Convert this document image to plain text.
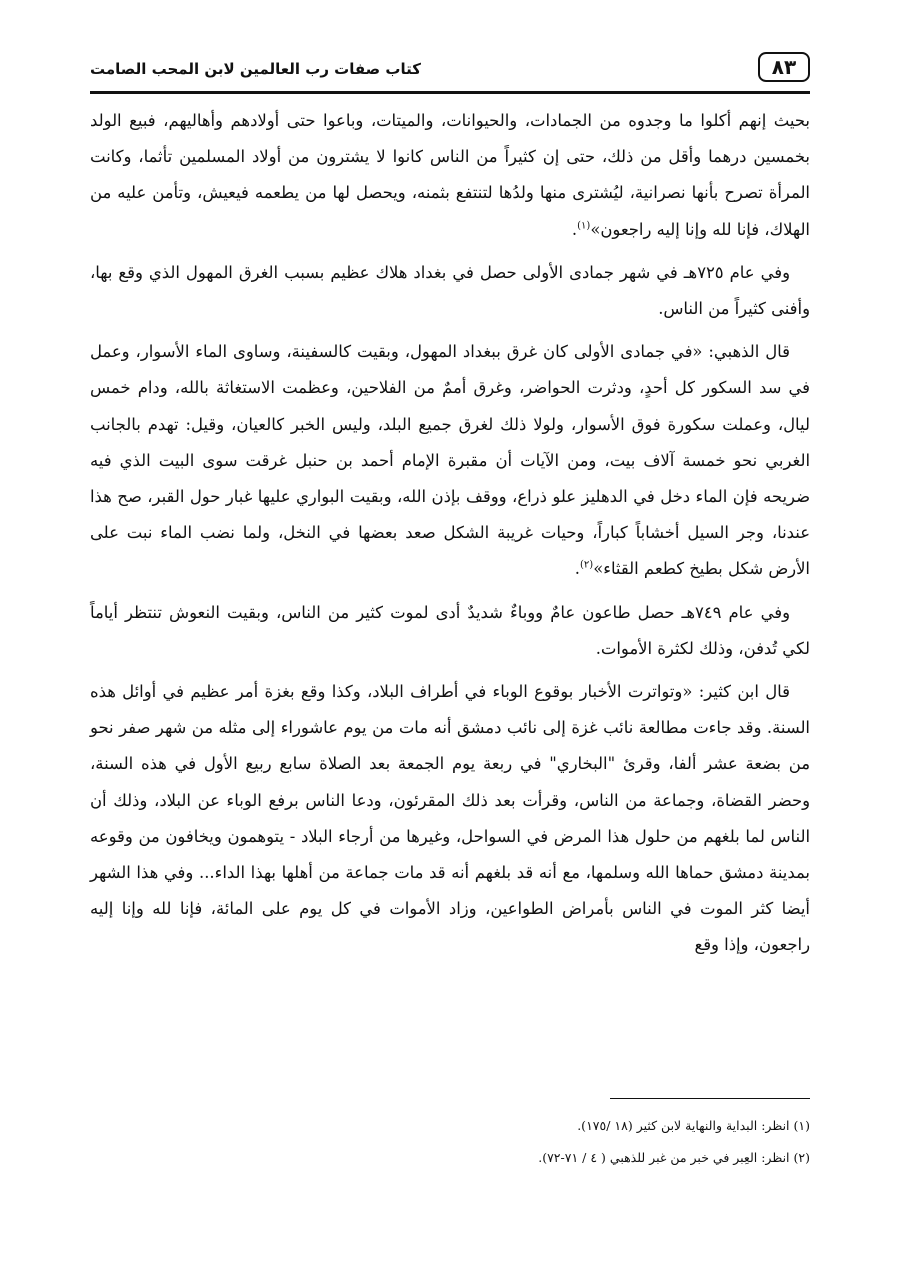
٨٣
كتاب صفات رب العالمين لابن المحب الصامت

بحيث إنهم أكلوا ما وجدوه من الجمادات، والحيوانات، والميتات، وباعوا حتى أولادهم وأهاليهم، فبيع الولد بخمسين درهما وأقل من ذلك، حتى إن كثيراً من الناس كانوا لا يشترون من أولاد المسلمين تأثما، وكانت المرأة تصرح بأنها نصرانية، ليُشترى منها ولدُها لتنتفع بثمنه، ويحصل لها من يطعمه فيعيش، وتأمن عليه من الهلاك، فإنا لله وإنا إليه راجعون»$^{(١)}$.

وفي عام ٧٢٥هـ في شهر جمادى الأولى حصل في بغداد هلاك عظيم بسبب الغرق المهول الذي وقع بها، وأفنى كثيراً من الناس.

قال الذهبي: «في جمادى الأولى كان غرق ببغداد المهول، وبقيت كالسفينة، وساوى الماء الأسوار، وعمل في سد السكور كل أحدٍ، ودثرت الحواضر، وغرق أممٌ من الفلاحين، وعظمت الاستغاثة بالله، ودام خمس ليال، وعملت سكورة فوق الأسوار، ولولا ذلك لغرق جميع البلد، وليس الخبر كالعيان، وقيل: تهدم بالجانب الغربي نحو خمسة آلاف بيت، ومن الآيات أن مقبرة الإمام أحمد بن حنبل غرقت سوى البيت الذي فيه ضريحه فإن الماء دخل في الدهليز علو ذراع، ووقف بإذن الله، وبقيت البواري عليها غبار حول القبر، صح هذا عندنا، وجر السيل أخشاباً كباراً، وحيات غريبة الشكل صعد بعضها في النخل، ولما نضب الماء نبت على الأرض شكل بطيخ كطعم القثاء»$^{(٢)}$.

وفي عام ٧٤٩هـ حصل طاعون عامٌ ووباءٌ شديدٌ أدى لموت كثير من الناس، وبقيت النعوش تنتظر أياماً لكي تُدفن، وذلك لكثرة الأموات.

قال ابن كثير: «وتواترت الأخبار بوقوع الوباء في أطراف البلاد، وكذا وقع بغزة أمر عظيم في أوائل هذه السنة. وقد جاءت مطالعة نائب غزة إلى نائب دمشق أنه مات من يوم عاشوراء إلى مثله من شهر صفر نحو من بضعة عشر ألفا، وقرئ "البخاري" في ربعة يوم الجمعة بعد الصلاة سابع ربيع الأول في هذه السنة، وحضر القضاة، وجماعة من الناس، وقرأت بعد ذلك المقرئون، ودعا الناس برفع الوباء عن البلاد، وذلك أن الناس لما بلغهم من حلول هذا المرض في السواحل، وغيرها من أرجاء البلاد - يتوهمون ويخافون من وقوعه بمدينة دمشق حماها الله وسلمها، مع أنه قد بلغهم أنه قد مات جماعة من أهلها بهذا الداء... وفي هذا الشهر أيضا كثر الموت في الناس بأمراض الطواعين، وزاد الأموات في كل يوم على المائة، فإنا لله وإنا إليه راجعون، وإذا وقع

(١) انظر: البداية والنهاية لابن كثير (١٨ /١٧٥).
(٢) انظر: العِبر في خبر من غبر للذهبي ( ٤ / ٧١-٧٢).
